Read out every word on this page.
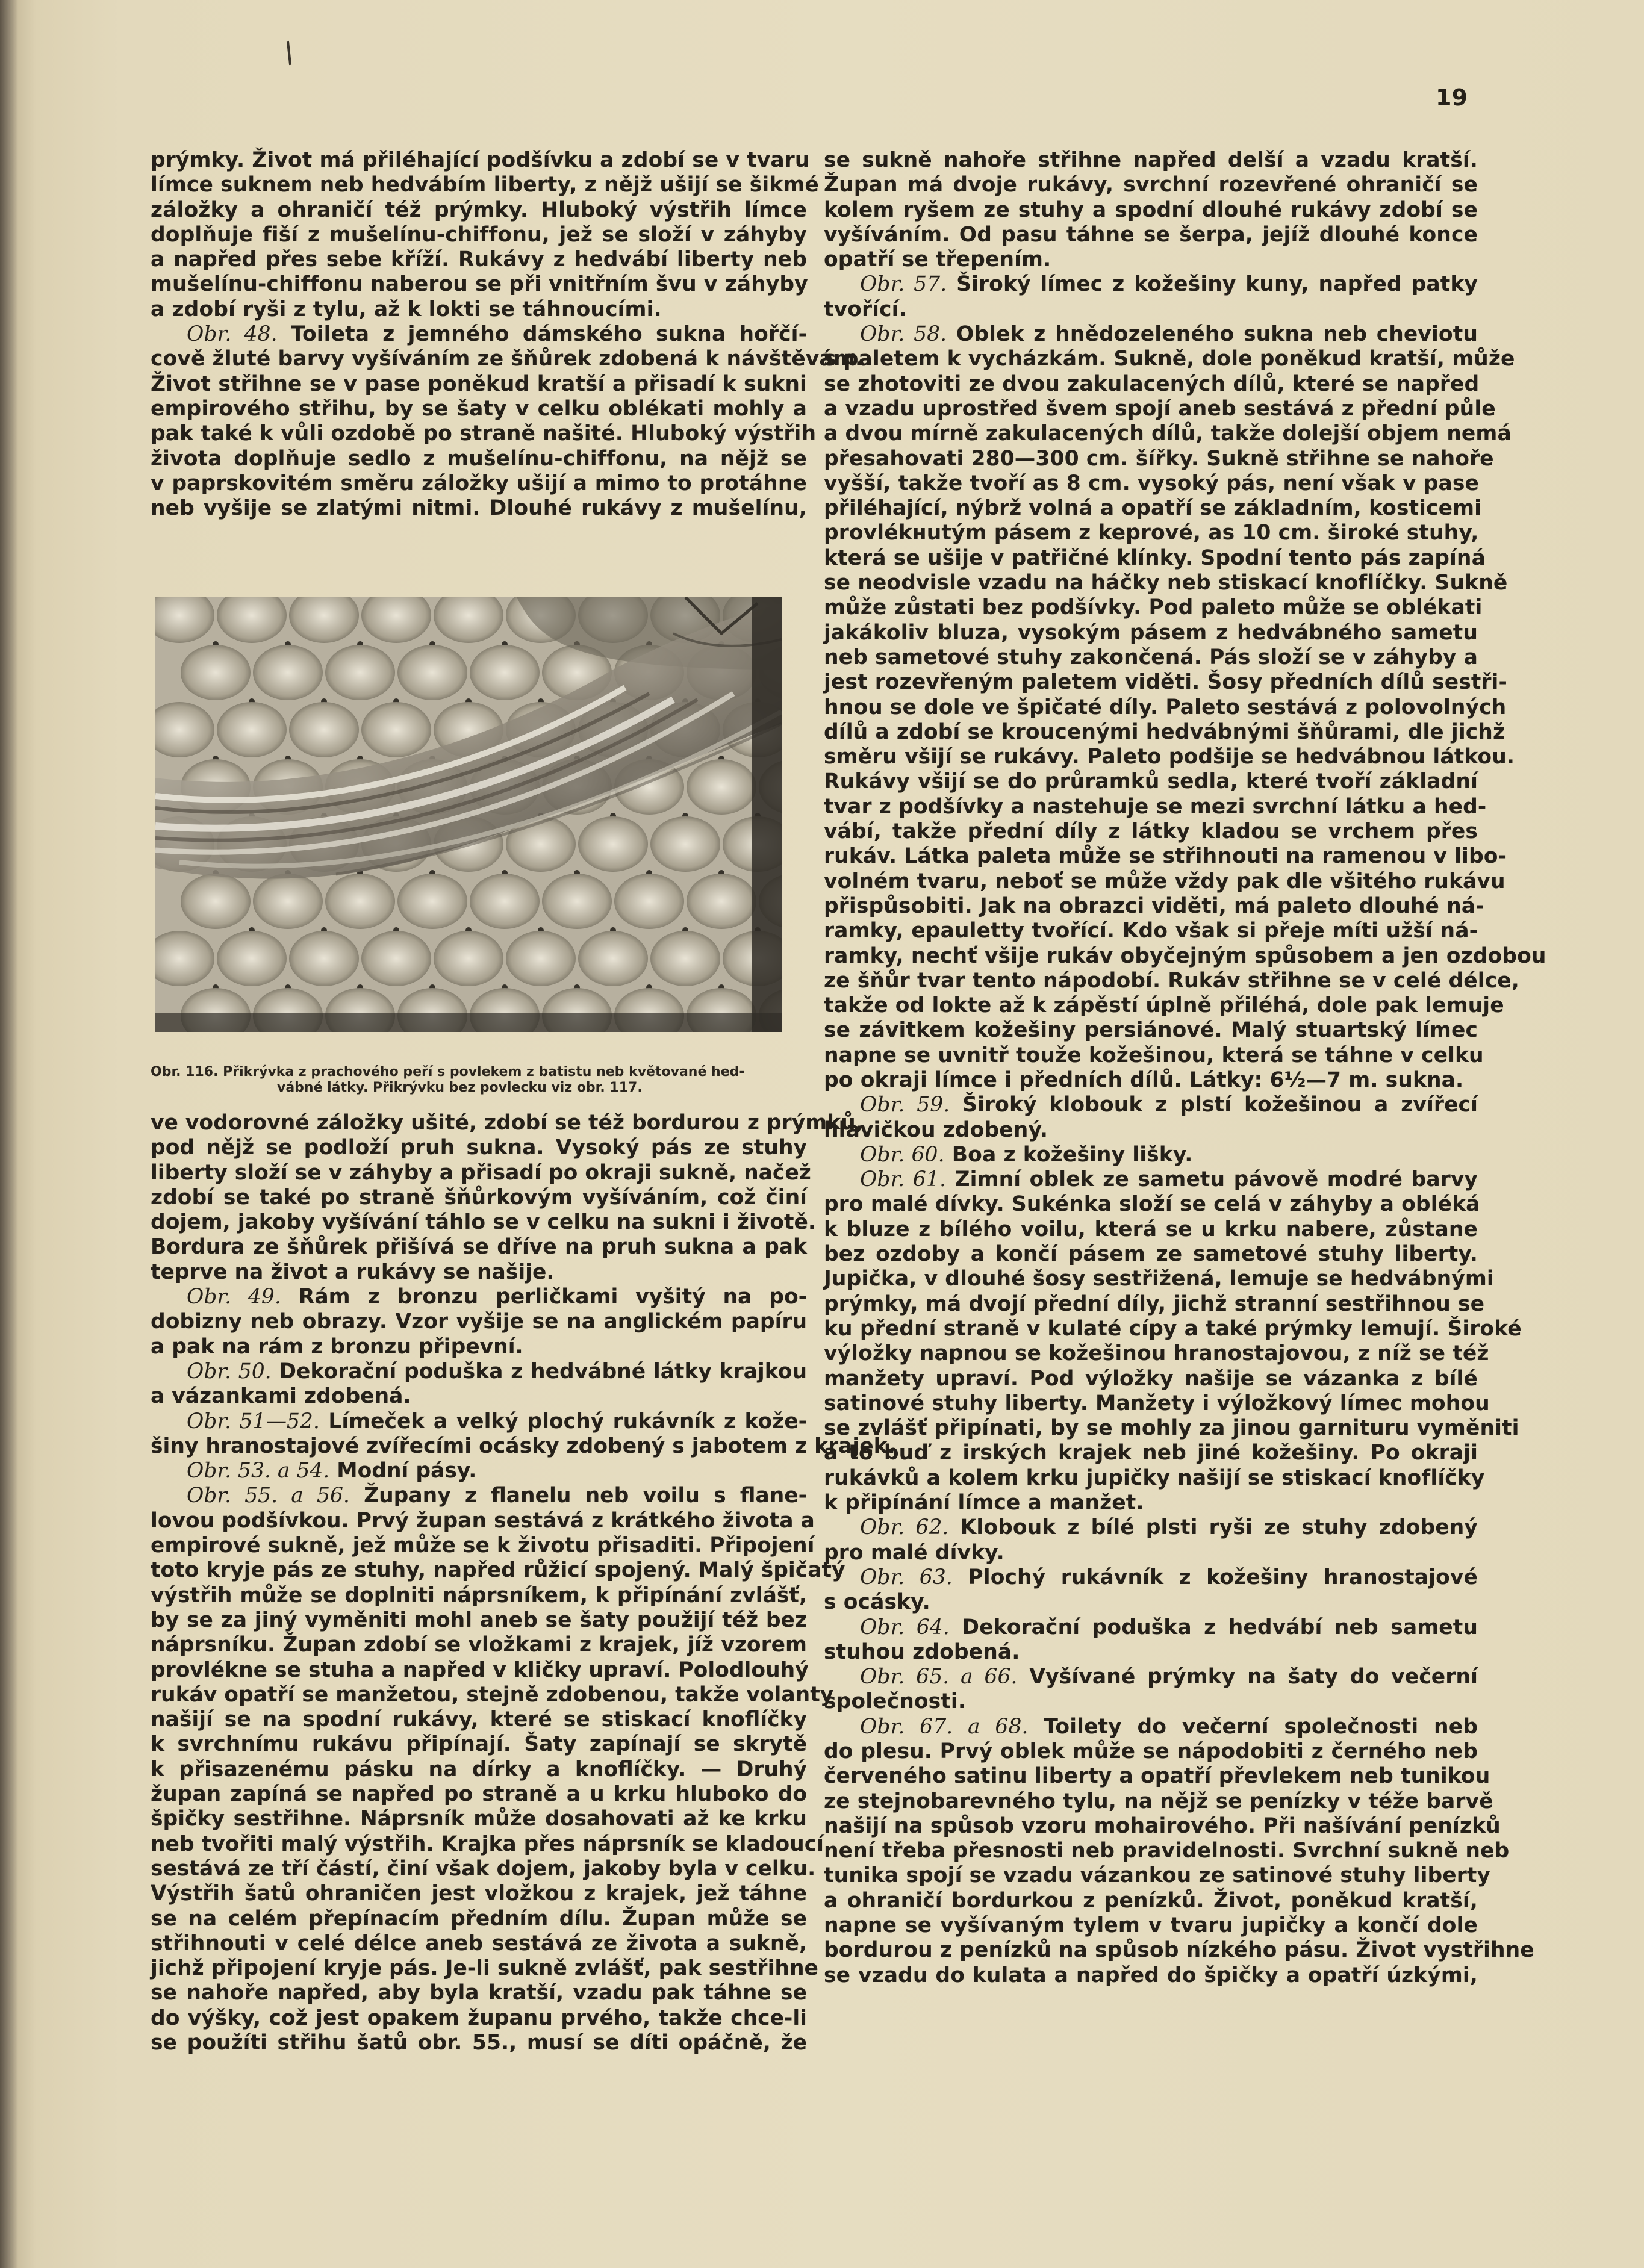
19
prýmky. Život má přiléhající podšívku a zdobí se v tvaru
límce suknem neb hedvábím liberty, z nějž ušijí se šikmé
záložky a ohraničí též prýmky. Hluboký výstřih límce
doplňuje fiší z mušelínu-chiffonu, jež se složí v záhyby
a napřed přes sebe kříží. Rukávy z hedvábí liberty neb
mušelínu-chiffonu naberou se při vnitřním švu v záhyby
a zdobí ryši z tylu, až k lokti se táhnoucími.
Obr. 48. Toileta z jemného dámského sukna hořčí-
cově žluté barvy vyšíváním ze šňůrek zdobená k návštěvám.
Život střihne se v pase poněkud kratší a přisadí k sukni
empirového střihu, by se šaty v celku oblékati mohly a
pak také k vůli ozdobě po straně našité. Hluboký výstřih
života doplňuje sedlo z mušelínu-chiffonu, na nějž se
v paprskovitém směru záložky ušijí a mimo to protáhne
neb vyšije se zlatými nitmi. Dlouhé rukávy z mušelínu,
Obr. 116. Přikrývka z prachového peří s povlekem z batistu neb květované hed-
vábné látky. Přikrývku bez povlecku viz obr. 117.
ve vodorovné záložky ušité, zdobí se též bordurou z prýmků,
pod nějž se podloží pruh sukna. Vysoký pás ze stuhy
liberty složí se v záhyby a přisadí po okraji sukně, načež
zdobí se také po straně šňůrkovým vyšíváním, což činí
dojem, jakoby vyšívání táhlo se v celku na sukni i životě.
Bordura ze šňůrek přišívá se dříve na pruh sukna a pak
teprve na život a rukávy se našije.
Obr. 49. Rám z bronzu perličkami vyšitý na po-
dobizny neb obrazy. Vzor vyšije se na anglickém papíru
a pak na rám z bronzu připevní.
Obr. 50. Dekorační poduška z hedvábné látky krajkou
a vázankami zdobená.
Obr. 51—52. Límeček a velký plochý rukávník z kože-
šiny hranostajové zvířecími ocásky zdobený s jabotem z krajek.
Obr. 53. a 54. Modní pásy.
Obr. 55. a 56. Župany z flanelu neb voilu s flane-
lovou podšívkou. Prvý župan sestává z krátkého života a
empirové sukně, jež může se k životu přisaditi. Připojení
toto kryje pás ze stuhy, napřed růžicí spojený. Malý špičatý
výstřih může se doplniti náprsníkem, k připínání zvlášť,
by se za jiný vyměniti mohl aneb se šaty použijí též bez
náprsníku. Župan zdobí se vložkami z krajek, jíž vzorem
provlékne se stuha a napřed v kličky upraví. Polodlouhý
rukáv opatří se manžetou, stejně zdobenou, takže volanty
našijí se na spodní rukávy, které se stiskací knoflíčky
k svrchnímu rukávu připínají. Šaty zapínají se skrytě
k přisazenému pásku na dírky a knoflíčky. — Druhý
župan zapíná se napřed po straně a u krku hluboko do
špičky sestřihne. Náprsník může dosahovati až ke krku
neb tvořiti malý výstřih. Krajka přes náprsník se kladoucí
sestává ze tří částí, činí však dojem, jakoby byla v celku.
Výstřih šatů ohraničen jest vložkou z krajek, jež táhne
se na celém přepínacím předním dílu. Župan může se
střihnouti v celé délce aneb sestává ze života a sukně,
jichž připojení kryje pás. Je-li sukně zvlášť, pak sestřihne
se nahoře napřed, aby byla kratší, vzadu pak táhne se
do výšky, což jest opakem županu prvého, takže chce-li
se použíti střihu šatů obr. 55., musí se díti opáčně, že
se sukně nahoře střihne napřed delší a vzadu kratší.
Župan má dvoje rukávy, svrchní rozevřené ohraničí se
kolem ryšem ze stuhy a spodní dlouhé rukávy zdobí se
vyšíváním. Od pasu táhne se šerpa, jejíž dlouhé konce
opatří se třepením.
Obr. 57. Široký límec z kožešiny kuny, napřed patky
tvořící.
Obr. 58. Oblek z hnědozeleného sukna neb cheviotu
s paletem k vycházkám. Sukně, dole poněkud kratší, může
se zhotoviti ze dvou zakulacených dílů, které se napřed
a vzadu uprostřed švem spojí aneb sestává z přední půle
a dvou mírně zakulacených dílů, takže dolejší objem nemá
přesahovati 280—300 cm. šířky. Sukně střihne se nahoře
vyšší, takže tvoří as 8 cm. vysoký pás, není však v pase
přiléhající, nýbrž volná a opatří se základním, kosticemi
provlékнutým pásem z keprové, as 10 cm. široké stuhy,
která se ušije v patřičné klínky. Spodní tento pás zapíná
se neodvisle vzadu na háčky neb stiskací knoflíčky. Sukně
může zůstati bez podšívky. Pod paleto může se oblékati
jakákoliv bluza, vysokým pásem z hedvábného sametu
neb sametové stuhy zakončená. Pás složí se v záhyby a
jest rozevřeným paletem viděti. Šosy předních dílů sestři-
hnou se dole ve špičaté díly. Paleto sestává z polovolných
dílů a zdobí se kroucenými hedvábnými šňůrami, dle jichž
směru všijí se rukávy. Paleto podšije se hedvábnou látkou.
Rukávy všijí se do průramků sedla, které tvoří základní
tvar z podšívky a nastehuje se mezi svrchní látku a hed-
vábí, takže přední díly z látky kladou se vrchem přes
rukáv. Látka paleta může se střihnouti na ramenou v libo-
volném tvaru, neboť se může vždy pak dle všitého rukávu
přispůsobiti. Jak na obrazci viděti, má paleto dlouhé ná-
ramky, epauletty tvořící. Kdo však si přeje míti užší ná-
ramky, nechť všije rukáv obyčejným spůsobem a jen ozdobou
ze šňůr tvar tento nápodobí. Rukáv střihne se v celé délce,
takže od lokte až k zápěstí úplně přiléhá, dole pak lemuje
se závitkem kožešiny persiánové. Malý stuartský límec
napne se uvnitř touže kožešinou, která se táhne v celku
po okraji límce i předních dílů. Látky: 6½—7 m. sukna.
Obr. 59. Široký klobouk z plstí kožešinou a zvířecí
hlavičkou zdobený.
Obr. 60. Boa z kožešiny lišky.
Obr. 61. Zimní oblek ze sametu pávově modré barvy
pro malé dívky. Sukénka složí se celá v záhyby a obléká
k bluze z bílého voilu, která se u krku nabere, zůstane
bez ozdoby a končí pásem ze sametové stuhy liberty.
Jupička, v dlouhé šosy sestřižená, lemuje se hedvábnými
prýmky, má dvojí přední díly, jichž stranní sestřihnou se
ku přední straně v kulaté cípy a také prýmky lemují. Široké
výložky napnou se kožešinou hranostajovou, z níž se též
manžety upraví. Pod výložky našije se vázanka z bílé
satinové stuhy liberty. Manžety i výložkový límec mohou
se zvlášť připínati, by se mohly za jinou garnituru vyměniti
a to buď z irských krajek neb jiné kožešiny. Po okraji
rukávků a kolem krku jupičky našijí se stiskací knoflíčky
k připínání límce a manžet.
Obr. 62. Klobouk z bílé plsti ryši ze stuhy zdobený
pro malé dívky.
Obr. 63. Plochý rukávník z kožešiny hranostajové
s ocásky.
Obr. 64. Dekorační poduška z hedvábí neb sametu
stuhou zdobená.
Obr. 65. a 66. Vyšívané prýmky na šaty do večerní
společnosti.
Obr. 67. a 68. Toilety do večerní společnosti neb
do plesu. Prvý oblek může se nápodobiti z černého neb
červeného satinu liberty a opatří převlekem neb tunikou
ze stejnobarevného tylu, na nějž se penízky v téže barvě
našijí na spůsob vzoru mohairového. Při našívání penízků
není třeba přesnosti neb pravidelnosti. Svrchní sukně neb
tunika spojí se vzadu vázankou ze satinové stuhy liberty
a ohraničí bordurkou z penízků. Život, poněkud kratší,
napne se vyšívaným tylem v tvaru jupičky a končí dole
bordurou z penízků na spůsob nízkého pásu. Život vystřihne
se vzadu do kulata a napřed do špičky a opatří úzkými,
